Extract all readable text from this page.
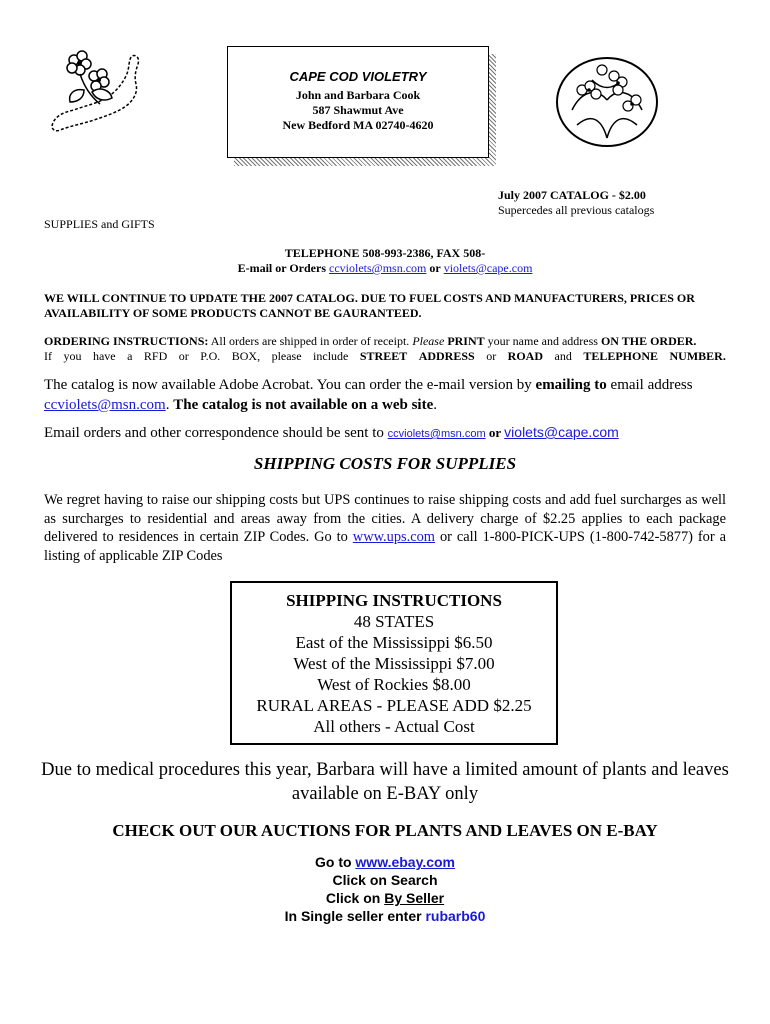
CAPE COD VIOLETRY
John and Barbara Cook
587 Shawmut Ave
New Bedford MA 02740-4620
July 2007 CATALOG - $2.00
Supercedes all previous catalogs
SUPPLIES and GIFTS
TELEPHONE 508-993-2386, FAX 508-
E-mail or Orders ccviolets@msn.com or violets@cape.com
WE WILL CONTINUE TO UPDATE THE 2007 CATALOG. DUE TO FUEL COSTS AND MANUFACTURERS, PRICES OR AVAILABILITY OF SOME PRODUCTS CANNOT BE GAURANTEED.
ORDERING INSTRUCTIONS: All orders are shipped in order of receipt. Please PRINT your name and address ON THE ORDER.
If you have a RFD or P.O. BOX, please include STREET ADDRESS or ROAD and TELEPHONE NUMBER.
The catalog is now available Adobe Acrobat. You can order the e-mail version by emailing to email address
ccviolets@msn.com. The catalog is not available on a web site.
Email orders and other correspondence should be sent to ccviolets@msn.com or violets@cape.com
SHIPPING COSTS FOR SUPPLIES
We regret having to raise our shipping costs but UPS continues to raise shipping costs and add fuel surcharges as well as surcharges to residential and areas away from the cities. A delivery charge of $2.25 applies to each package delivered to residences in certain ZIP Codes. Go to www.ups.com or call 1-800-PICK-UPS (1-800-742-5877) for a listing of applicable ZIP Codes
SHIPPING INSTRUCTIONS
48 STATES
East of the Mississippi $6.50
West of the Mississippi $7.00
West of Rockies $8.00
RURAL AREAS - PLEASE ADD $2.25
All others - Actual Cost
Due to medical procedures this year, Barbara will have a limited amount of plants and leaves available on E-BAY only
CHECK OUT OUR AUCTIONS FOR PLANTS AND LEAVES ON E-BAY
Go to www.ebay.com
Click on Search
Click on By Seller
In Single seller enter rubarb60
